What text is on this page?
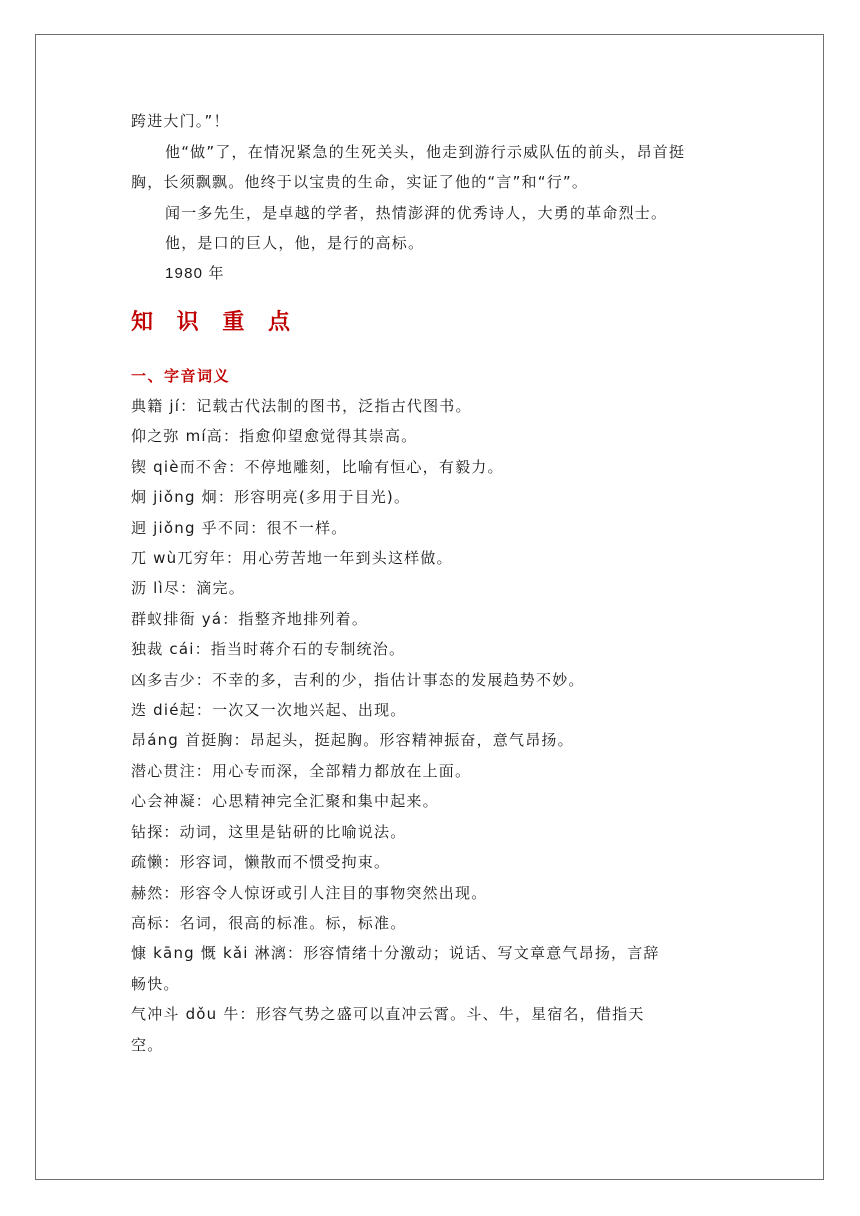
跨进大门。”！
他“做”了，在情况紧急的生死关头，他走到游行示威队伍的前头，昂首挺
胸，长须飘飘。他终于以宝贵的生命，实证了他的“言”和“行”。
闻一多先生，是卓越的学者，热情澎湃的优秀诗人，大勇的革命烈士。
他，是口的巨人，他，是行的高标。
1980 年
知 识 重 点
一、字音词义
典籍 jí：记载古代法制的图书，泛指古代图书。
仰之弥 mí高：指愈仰望愈觉得其崇高。
锲 qiè而不舍：不停地雕刻，比喻有恒心，有毅力。
炯 jiǒng 炯：形容明亮(多用于目光)。
迥 jiǒng 乎不同：很不一样。
兀 wù兀穷年：用心劳苦地一年到头这样做。
沥 lì尽：滴完。
群蚁排衙 yá：指整齐地排列着。
独裁 cái：指当时蒋介石的专制统治。
凶多吉少：不幸的多，吉利的少，指估计事态的发展趋势不妙。
迭 dié起：一次又一次地兴起、出现。
昂áng 首挺胸：昂起头，挺起胸。形容精神振奋，意气昂扬。
潜心贯注：用心专而深，全部精力都放在上面。
心会神凝：心思精神完全汇聚和集中起来。
钻探：动词，这里是钻研的比喻说法。
疏懒：形容词，懒散而不惯受拘束。
赫然：形容令人惊讶或引人注目的事物突然出现。
高标：名词，很高的标准。标，标准。
慷 kāng 慨 kǎi 淋漓：形容情绪十分激动；说话、写文章意气昂扬，言辞
畅快。
气冲斗 dǒu 牛：形容气势之盛可以直冲云霄。斗、牛，星宿名，借指天
空。
